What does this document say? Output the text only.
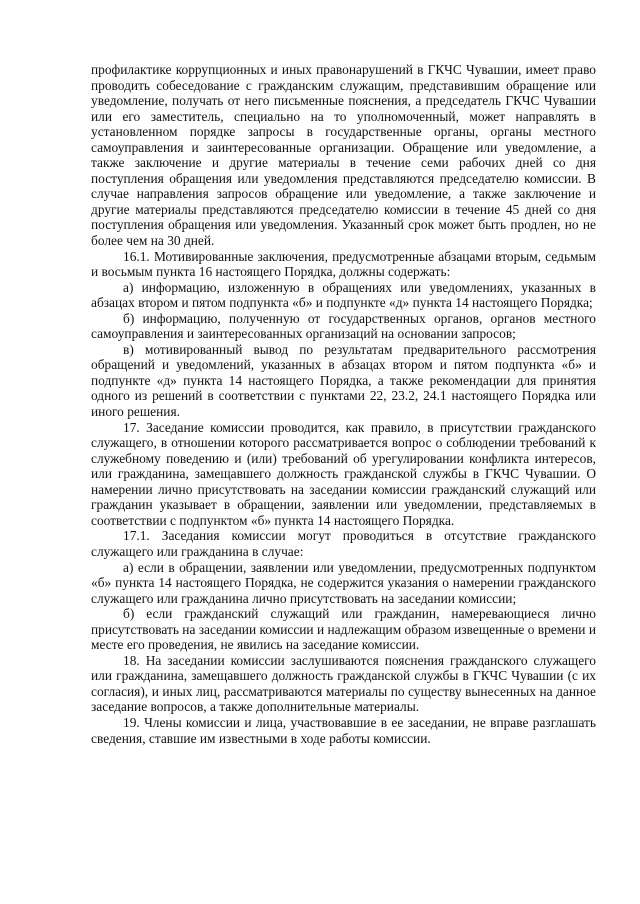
профилактике коррупционных и иных правонарушений в ГКЧС Чувашии, имеет право проводить собеседование с гражданским служащим, представившим обращение или уведомление, получать от него письменные пояснения, а председатель ГКЧС Чувашии или его заместитель, специально на то уполномоченный, может направлять в установленном порядке запросы в государственные органы, органы местного самоуправления и заинтересованные организации. Обращение или уведомление, а также заключение и другие материалы в течение семи рабочих дней со дня поступления обращения или уведомления представляются председателю комиссии. В случае направления запросов обращение или уведомление, а также заключение и другие материалы представляются председателю комиссии в течение 45 дней со дня поступления обращения или уведомления. Указанный срок может быть продлен, но не более чем на 30 дней.

16.1. Мотивированные заключения, предусмотренные абзацами вторым, седьмым и восьмым пункта 16 настоящего Порядка, должны содержать:

а) информацию, изложенную в обращениях или уведомлениях, указанных в абзацах втором и пятом подпункта «б» и подпункте «д» пункта 14 настоящего Порядка;

б) информацию, полученную от государственных органов, органов местного самоуправления и заинтересованных организаций на основании запросов;

в) мотивированный вывод по результатам предварительного рассмотрения обращений и уведомлений, указанных в абзацах втором и пятом подпункта «б» и подпункте «д» пункта 14 настоящего Порядка, а также рекомендации для принятия одного из решений в соответствии с пунктами 22, 23.2, 24.1 настоящего Порядка или иного решения.

17. Заседание комиссии проводится, как правило, в присутствии гражданского служащего, в отношении которого рассматривается вопрос о соблюдении требований к служебному поведению и (или) требований об урегулировании конфликта интересов, или гражданина, замещавшего должность гражданской службы в ГКЧС Чувашии. О намерении лично присутствовать на заседании комиссии гражданский служащий или гражданин указывает в обращении, заявлении или уведомлении, представляемых в соответствии с подпунктом «б» пункта 14 настоящего Порядка.

17.1. Заседания комиссии могут проводиться в отсутствие гражданского служащего или гражданина в случае:

а) если в обращении, заявлении или уведомлении, предусмотренных подпунктом «б» пункта 14 настоящего Порядка, не содержится указания о намерении гражданского служащего или гражданина лично присутствовать на заседании комиссии;

б) если гражданский служащий или гражданин, намеревающиеся лично присутствовать на заседании комиссии и надлежащим образом извещенные о времени и месте его проведения, не явились на заседание комиссии.

18. На заседании комиссии заслушиваются пояснения гражданского служащего или гражданина, замещавшего должность гражданской службы в ГКЧС Чувашии (с их согласия), и иных лиц, рассматриваются материалы по существу вынесенных на данное заседание вопросов, а также дополнительные материалы.

19. Члены комиссии и лица, участвовавшие в ее заседании, не вправе разглашать сведения, ставшие им известными в ходе работы комиссии.
